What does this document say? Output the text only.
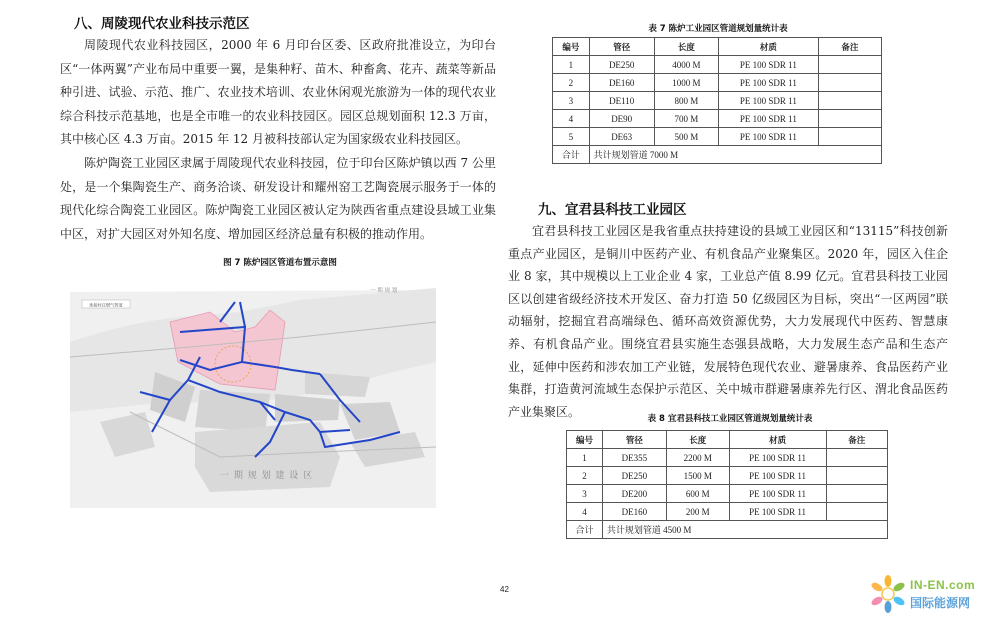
八、周陵现代农业科技示范区

周陵现代农业科技园区，2000 年 6 月印台区委、区政府批准设立，为印台区“一体两翼”产业布局中重要一翼，是集种籽、苗木、种畜禽、花卉、蔬菜等新品种引进、试验、示范、推广、农业技术培训、农业休闲观光旅游为一体的现代农业综合科技示范基地，也是全市唯一的农业科技园区。园区总规划面积 12.3 万亩，其中核心区 4.3 万亩。2015 年 12 月被科技部认定为国家级农业科技园区。

陈炉陶瓷工业园区隶属于周陵现代农业科技园，位于印台区陈炉镇以西 7 公里处，是一个集陶瓷生产、商务洽谈、研发设计和耀州窑工艺陶瓷展示服务于一体的现代化综合陶瓷工业园区。陈炉陶瓷工业园区被认定为陕西省重点建设县域工业集中区，对扩大园区对外知名度、增加园区经济总量有积极的推动作用。

图 7 陈炉园区管道布置示意图
连接村庄燃气管道
一 期 规 划
一 期 规 划 建 设 区
表 7 陈炉工业园区管道规划量统计表
编号	管径	长度	材质	备注
1	DE250	4000 M	PE 100 SDR 11	
2	DE160	1000 M	PE 100 SDR 11	
3	DE110	800 M	PE 100 SDR 11	
4	DE90	700 M	PE 100 SDR 11	
5	DE63	500 M	PE 100 SDR 11	
合计	共计规划管道 7000 M			
九、宜君县科技工业园区

宜君县科技工业园区是我省重点扶持建设的县域工业园区和“13115”科技创新重点产业园区，是铜川中医药产业、有机食品产业聚集区。2020 年，园区入住企业 8 家，其中规模以上工业企业 4 家，工业总产值 8.99 亿元。宜君县科技工业园区以创建省级经济技术开发区、奋力打造 50 亿级园区为目标，突出“一区两园”联动辐射，挖掘宜君高端绿色、循环高效资源优势，大力发展现代中医药、智慧康养、有机食品产业。围绕宜君县实施生态强县战略，大力发展生态产品和生态产业，延伸中医药和涉农加工产业链，发展特色现代农业、避暑康养、食品医药产业集群，打造黄河流域生态保护示范区、关中城市群避暑康养先行区、渭北食品医药产业集聚区。

表 8 宜君县科技工业园区管道规划量统计表
编号	管径	长度	材质	备注
1	DE355	2200 M	PE 100 SDR 11	
2	DE250	1500 M	PE 100 SDR 11	
3	DE200	600 M	PE 100 SDR 11	
4	DE160	200 M	PE 100 SDR 11	
合计	共计规划管道 4500 M			
42	IN-EN.com
国际能源网
